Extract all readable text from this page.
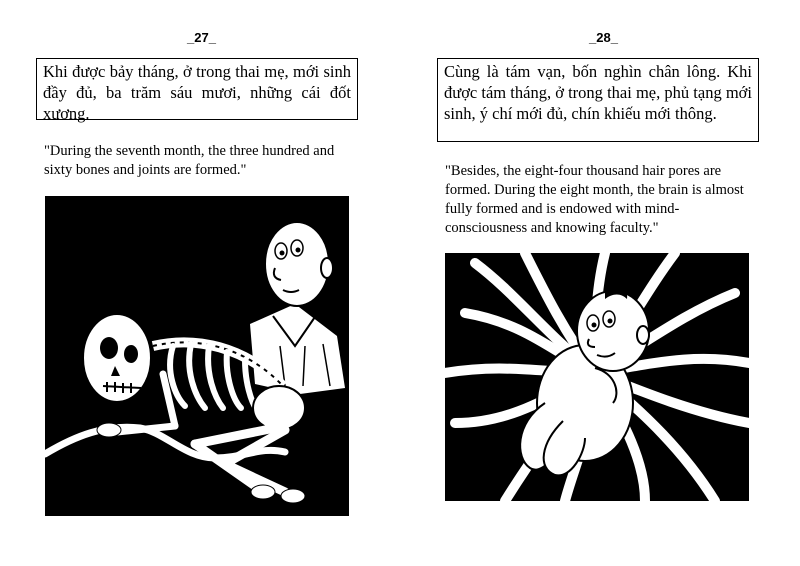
_27_
Khi được bảy tháng, ở trong thai mẹ, mới sinh đầy đủ, ba trăm sáu mươi, những cái đốt xương.
"During the seventh month, the three hundred and sixty bones and joints are formed."
_28_
Cùng là tám vạn, bốn nghìn chân lông. Khi được tám tháng, ở trong thai mẹ, phủ tạng mới sinh, ý chí mới đủ, chín khiếu mới thông.
"Besides, the eight-four thousand hair pores are formed. During the eight month, the brain is almost fully formed and is endowed with mind-consciousness and knowing faculty."
